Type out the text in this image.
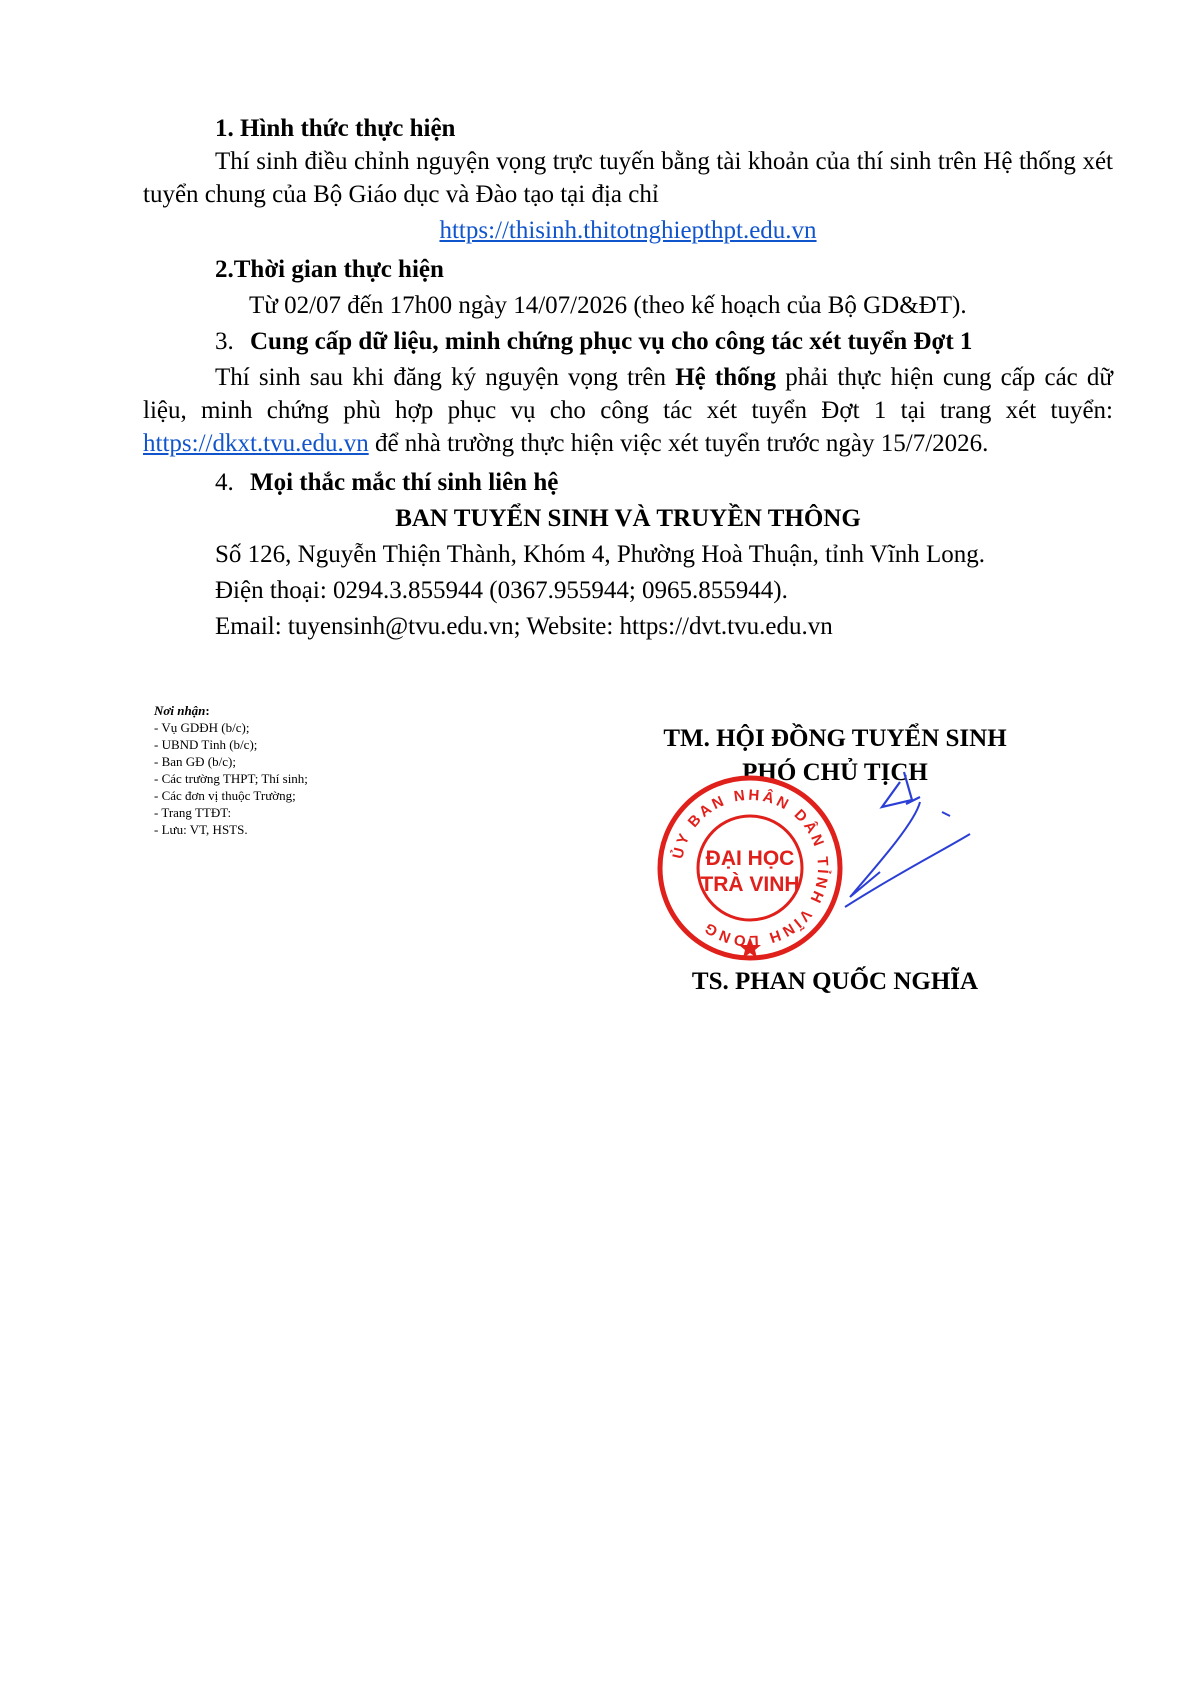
1. Hình thức thực hiện

Thí sinh điều chỉnh nguyện vọng trực tuyến bằng tài khoản của thí sinh trên Hệ thống xét tuyển chung của Bộ Giáo dục và Đào tạo tại địa chỉ

https://thisinh.thitotnghiepthpt.edu.vn

2.Thời gian thực hiện

Từ 02/07 đến 17h00 ngày 14/07/2026 (theo kế hoạch của Bộ GD&ĐT).

3. Cung cấp dữ liệu, minh chứng phục vụ cho công tác xét tuyển Đợt 1

Thí sinh sau khi đăng ký nguyện vọng trên Hệ thống phải thực hiện cung cấp các dữ liệu, minh chứng phù hợp phục vụ cho công tác xét tuyển Đợt 1 tại trang xét tuyển: https://dkxt.tvu.edu.vn để nhà trường thực hiện việc xét tuyển trước ngày 15/7/2026.

4. Mọi thắc mắc thí sinh liên hệ

BAN TUYỂN SINH VÀ TRUYỀN THÔNG

Số 126, Nguyễn Thiện Thành, Khóm 4, Phường Hoà Thuận, tỉnh Vĩnh Long.

Điện thoại: 0294.3.855944 (0367.955944; 0965.855944).

Email: tuyensinh@tvu.edu.vn; Website: https://dvt.tvu.edu.vn

Nơi nhận:
- Vụ GDĐH (b/c);
- UBND Tỉnh (b/c);
- Ban GĐ (b/c);
- Các trường THPT; Thí sinh;
- Các đơn vị thuộc Trường;
- Trang TTĐT:
- Lưu: VT, HSTS.
TM. HỘI ĐỒNG TUYỂN SINH
PHÓ CHỦ TỊCH
ỦY BAN NHÂN DÂN TỈNH VĨNH LONG
ĐẠI HỌC
TRÀ VINH
TS. PHAN QUỐC NGHĨA
